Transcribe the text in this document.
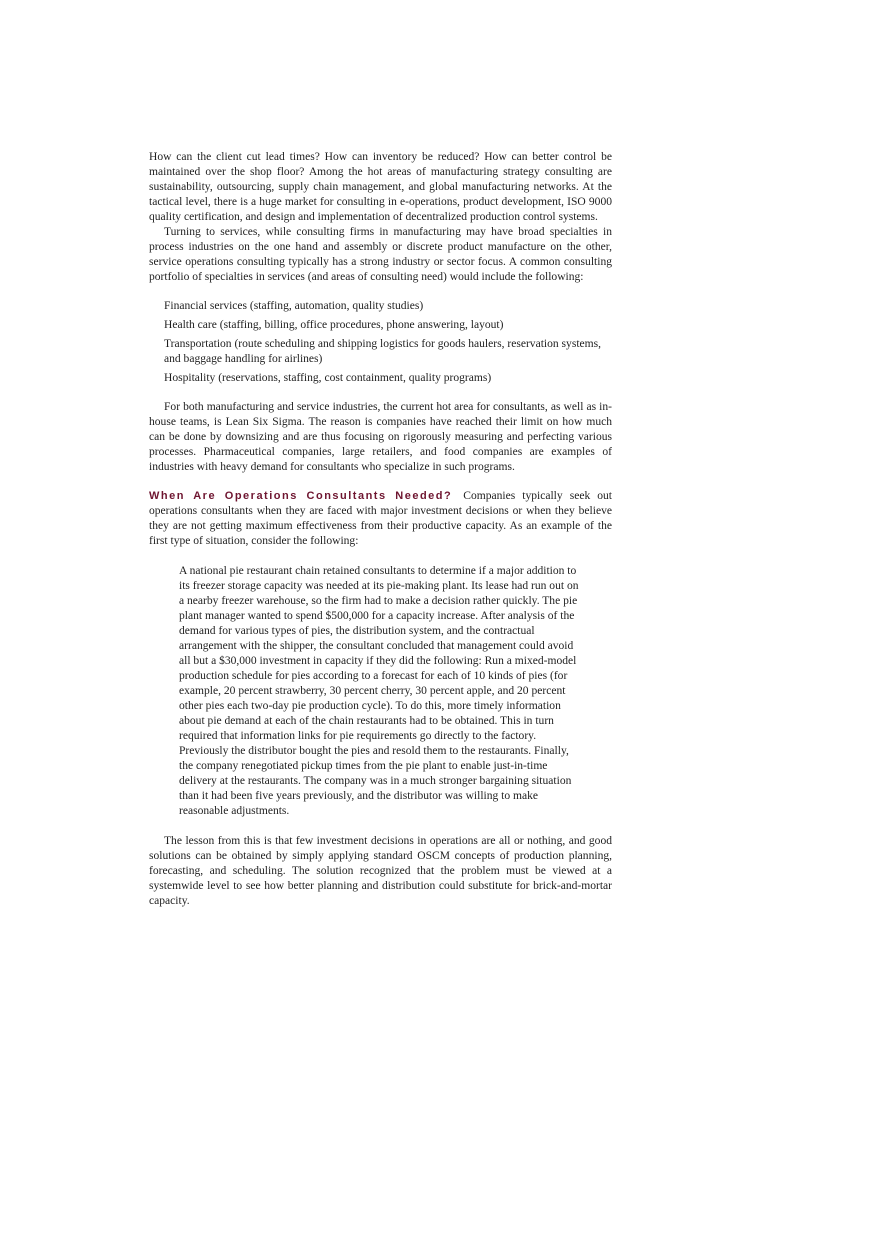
How can the client cut lead times? How can inventory be reduced? How can better control be maintained over the shop floor? Among the hot areas of manufacturing strategy consulting are sustainability, outsourcing, supply chain management, and global manufacturing networks. At the tactical level, there is a huge market for consulting in e-operations, product development, ISO 9000 quality certification, and design and implementation of decentralized production control systems.

Turning to services, while consulting firms in manufacturing may have broad specialties in process industries on the one hand and assembly or discrete product manufacture on the other, service operations consulting typically has a strong industry or sector focus. A common consulting portfolio of specialties in services (and areas of consulting need) would include the following:

Financial services (staffing, automation, quality studies)
Health care (staffing, billing, office procedures, phone answering, layout)
Transportation (route scheduling and shipping logistics for goods haulers, reservation systems, and baggage handling for airlines)
Hospitality (reservations, staffing, cost containment, quality programs)

For both manufacturing and service industries, the current hot area for consultants, as well as in-house teams, is Lean Six Sigma. The reason is companies have reached their limit on how much can be done by downsizing and are thus focusing on rigorously measuring and perfecting various processes. Pharmaceutical companies, large retailers, and food companies are examples of industries with heavy demand for consultants who specialize in such programs.

When Are Operations Consultants Needed? Companies typically seek out operations consultants when they are faced with major investment decisions or when they believe they are not getting maximum effectiveness from their productive capacity. As an example of the first type of situation, consider the following:

A national pie restaurant chain retained consultants to determine if a major addition to its freezer storage capacity was needed at its pie-making plant. Its lease had run out on a nearby freezer warehouse, so the firm had to make a decision rather quickly. The pie plant manager wanted to spend $500,000 for a capacity increase. After analysis of the demand for various types of pies, the distribution system, and the contractual arrangement with the shipper, the consultant concluded that management could avoid all but a $30,000 investment in capacity if they did the following: Run a mixed-model production schedule for pies according to a forecast for each of 10 kinds of pies (for example, 20 percent strawberry, 30 percent cherry, 30 percent apple, and 20 percent other pies each two-day pie production cycle). To do this, more timely information about pie demand at each of the chain restaurants had to be obtained. This in turn required that information links for pie requirements go directly to the factory. Previously the distributor bought the pies and resold them to the restaurants. Finally, the company renegotiated pickup times from the pie plant to enable just-in-time delivery at the restaurants. The company was in a much stronger bargaining situation than it had been five years previously, and the distributor was willing to make reasonable adjustments.

The lesson from this is that few investment decisions in operations are all or nothing, and good solutions can be obtained by simply applying standard OSCM concepts of production planning, forecasting, and scheduling. The solution recognized that the problem must be viewed at a systemwide level to see how better planning and distribution could substitute for brick-and-mortar capacity.
